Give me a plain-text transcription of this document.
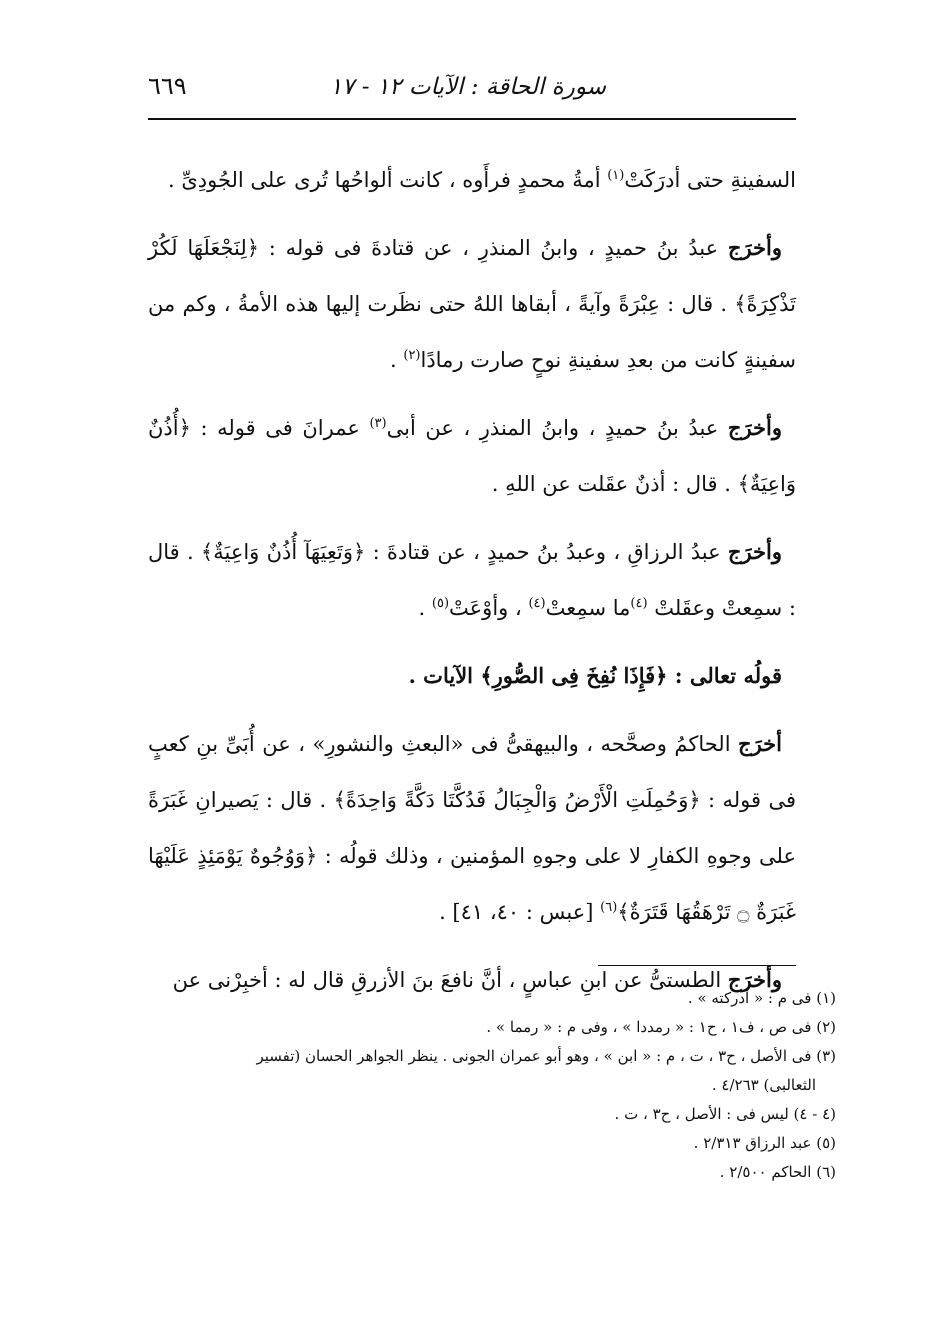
سورة الحاقة : الآيات ١٢ - ١٧
٦٦٩

السفينةِ حتى أدرَكَتْ$^{(١)}$ أمةُ محمدٍ فرأَوه ، كانت ألواحُها تُرى على الجُودِىِّ .

وأخرَج عبدُ بنُ حميدٍ ، وابنُ المنذرِ ، عن قتادةَ فى قوله : ﴿لِنَجْعَلَهَا لَكُرْ تَذْكِرَةً﴾ . قال : عِبْرَةً وآيةً ، أبقاها اللهُ حتى نظَرت إليها هذه الأمةُ ، وكم من سفينةٍ كانت من بعدِ سفينةِ نوحٍ صارت رمادًا$^{(٢)}$ .

وأخرَج عبدُ بنُ حميدٍ ، وابنُ المنذرِ ، عن أبى$^{(٣)}$ عمرانَ فى قوله : ﴿أُذُنٌ وَاعِيَةٌ﴾ . قال : أذنٌ عقَلت عن اللهِ .

وأخرَج عبدُ الرزاقِ ، وعبدُ بنُ حميدٍ ، عن قتادةَ : ﴿وَتَعِيَهَآ أُذُنٌ وَاعِيَةٌ﴾ . قال : سمِعتْ وعقَلتْ $^{(٤)}$ما سمِعتْ$^{(٤)}$ ، وأوْعَتْ$^{(٥)}$ .

قولُه تعالى : ﴿فَإِذَا نُفِخَ فِى الصُّورِ﴾ الآيات .

أخرَج الحاكمُ وصحَّحه ، والبيهقىُّ فى «البعثِ والنشورِ» ، عن أُبَىِّ بنِ كعبٍ فى قوله : ﴿وَحُمِلَتِ الْأَرْضُ وَالْجِبَالُ فَدُكَّتَا دَكَّةً وَاحِدَةً﴾ . قال : يَصيرانِ غَبَرَةً على وجوهِ الكفارِ لا على وجوهِ المؤمنين ، وذلك قولُه : ﴿وَوُجُوهٌ يَوْمَئِذٍ عَلَيْهَا غَبَرَةٌ ۝ تَرْهَقُهَا قَتَرَةٌ﴾$^{(٦)}$ [عبس : ٤٠، ٤١] .

وأخرَج الطستىُّ عن ابنِ عباسٍ ، أنَّ نافعَ بنَ الأزرقِ قال له : أخبِرْنى عن

(١) فى م : « أدركته » .

(٢) فى ص ، ف١ ، ح١ : « رمددا » ، وفى م : « رمما » .

(٣) فى الأصل ، ح٣ ، ت ، م : « ابن » ، وهو أبو عمران الجونى . ينظر الجواهر الحسان (تفسير

الثعالبى) ٤/٢٦٣ .

(٤ - ٤) ليس فى : الأصل ، ح٣ ، ت .

(٥) عبد الرزاق ٢/٣١٣ .

(٦) الحاكم ٢/٥٠٠ .
